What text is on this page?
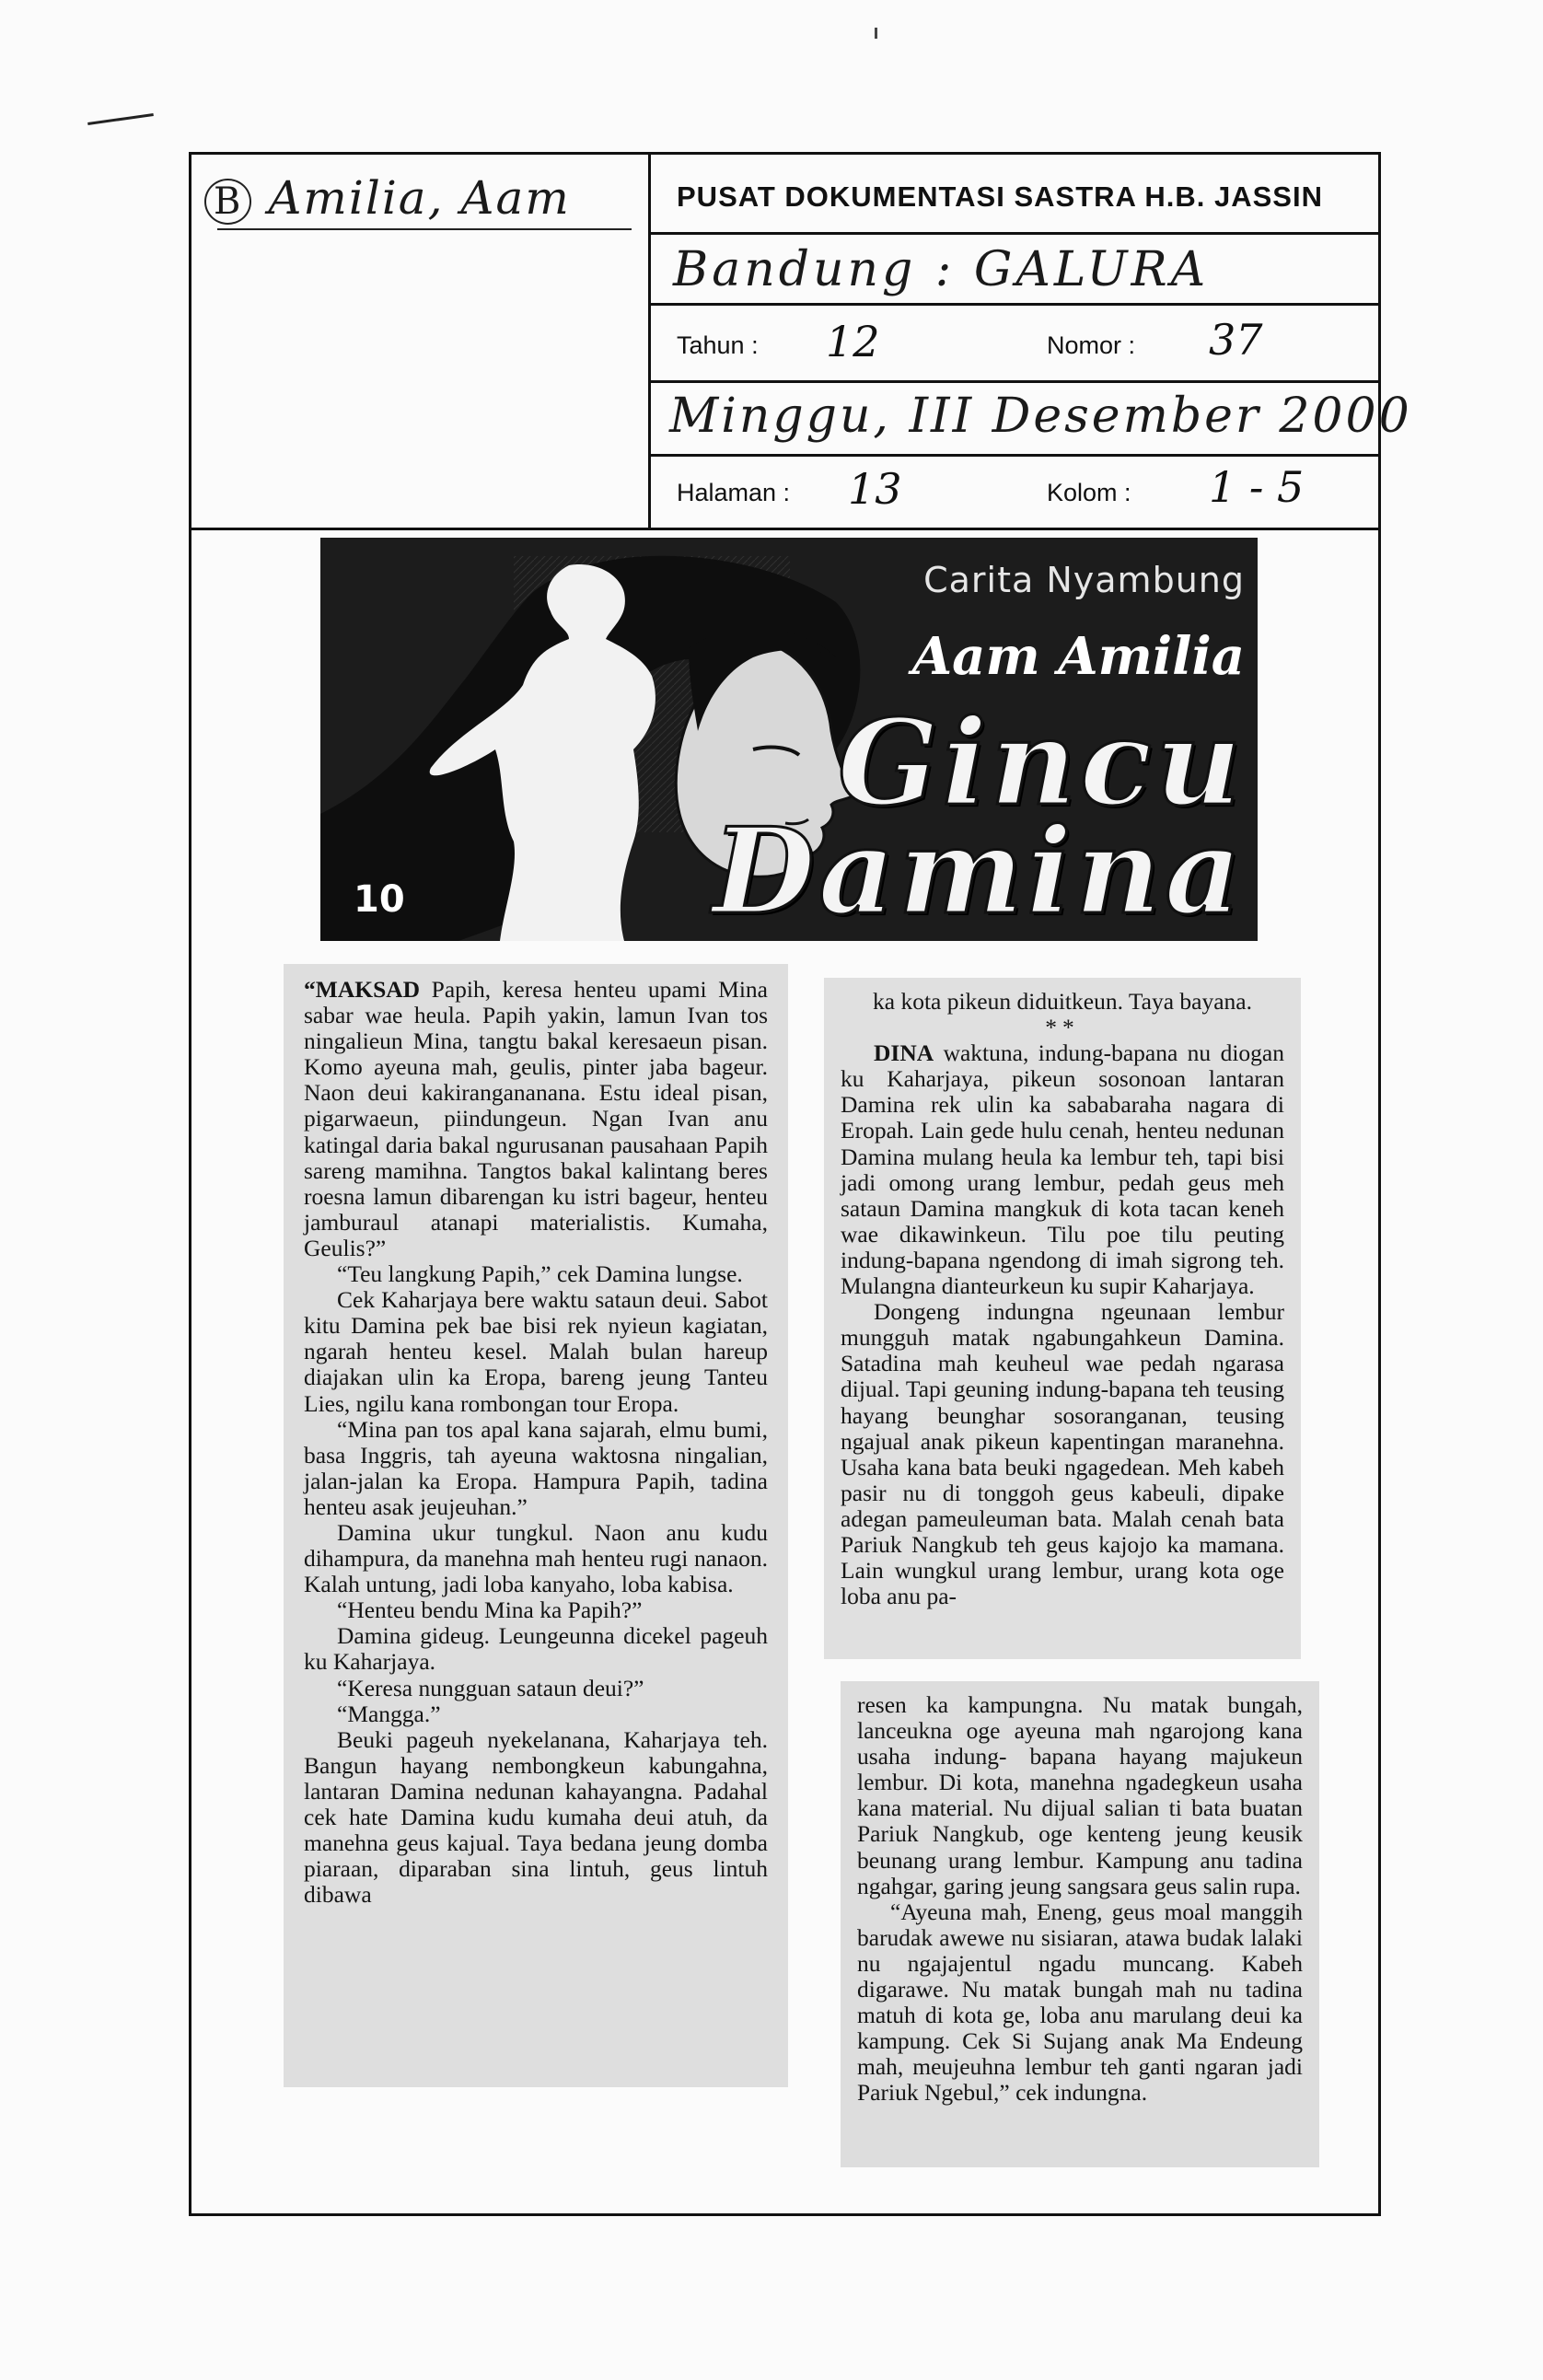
B Amilia, Aam	PUSAT DOKUMENTASI SASTRA H.B. JASSIN
Bandung : GALURA
Tahun : 12	Nomor : 37
Minggu, III Desember 2000
Halaman : 13	Kolom : 1 - 5
Carita Nyambung
Aam Amilia
Gincu
Damina
10

“MAKSAD Papih, keresa henteu upami Mina sabar wae heula. Papih yakin, lamun Ivan tos ningalieun Mina, tangtu bakal keresaeun pisan. Komo ayeuna mah, geulis, pinter jaba bageur. Naon deui kakirangananana. Estu ideal pisan, pigarwaeun, piindungeun. Ngan Ivan anu katingal daria bakal ngurusanan pausahaan Papih sareng mamihna. Tangtos bakal kalintang beres roesna lamun dibarengan ku istri bageur, henteu jamburaul atanapi materialistis. Kumaha, Geulis?”

“Teu langkung Papih,” cek Damina lungse.

Cek Kaharjaya bere waktu sataun deui. Sabot kitu Damina pek bae bisi rek nyieun kagiatan, ngarah henteu kesel. Malah bulan hareup diajakan ulin ka Eropa, bareng jeung Tanteu Lies, ngilu kana rombongan tour Eropa.

“Mina pan tos apal kana sajarah, elmu bumi, basa Inggris, tah ayeuna waktosna ningalian, jalan-jalan ka Eropa. Hampura Papih, tadina henteu asak jeujeuhan.”

Damina ukur tungkul. Naon anu kudu dihampura, da manehna mah henteu rugi nanaon. Kalah untung, jadi loba kanyaho, loba kabisa.

“Henteu bendu Mina ka Papih?”

Damina gideug. Leungeunna dicekel pageuh ku Kaharjaya.

“Keresa nungguan sataun deui?”

“Mangga.”

Beuki pageuh nyekelanana, Kaharjaya teh. Bangun hayang nembongkeun kabungahna, lantaran Damina nedunan kahayangna. Padahal cek hate Damina kudu kumaha deui atuh, da manehna geus kajual. Taya bedana jeung domba piaraan, diparaban sina lintuh, geus lintuh dibawa

ka kota pikeun diduitkeun. Taya bayana.

**

DINA waktuna, indung-bapana nu diogan ku Kaharjaya, pikeun sosonoan lantaran Damina rek ulin ka sababaraha nagara di Eropah. Lain gede hulu cenah, henteu nedunan Damina mulang heula ka lembur teh, tapi bisi jadi omong urang lembur, pedah geus meh sataun Damina mangkuk di kota tacan keneh wae dikawinkeun. Tilu poe tilu peuting indung-bapana ngendong di imah sigrong teh. Mulangna dianteurkeun ku supir Kaharjaya.

Dongeng indungna ngeunaan lembur mungguh matak ngabungahkeun Damina. Satadina mah keuheul wae pedah ngarasa dijual. Tapi geuning indung-bapana teh teusing hayang beunghar sosoranganan, teusing ngajual anak pikeun kapentingan maranehna. Usaha kana bata beuki ngagedean. Meh kabeh pasir nu di tonggoh geus kabeuli, dipake adegan pameuleuman bata. Malah cenah bata Pariuk Nangkub teh geus kajojo ka mamana. Lain wungkul urang lembur, urang kota oge loba anu pa-

resen ka kampungna. Nu matak bungah, lanceukna oge ayeuna mah ngarojong kana usaha indung- bapana hayang majukeun lembur. Di kota, manehna ngadegkeun usaha kana material. Nu dijual salian ti bata buatan Pariuk Nangkub, oge kenteng jeung keusik beunang urang lembur. Kampung anu tadina ngahgar, garing jeung sangsara geus salin rupa.

“Ayeuna mah, Eneng, geus moal manggih barudak awewe nu sisiaran, atawa budak lalaki nu ngajajentul ngadu muncang. Kabeh digarawe. Nu matak bungah mah nu tadina matuh di kota ge, loba anu marulang deui ka kampung. Cek Si Sujang anak Ma Endeung mah, meujeuhna lembur teh ganti ngaran jadi Pariuk Ngebul,” cek indungna.
